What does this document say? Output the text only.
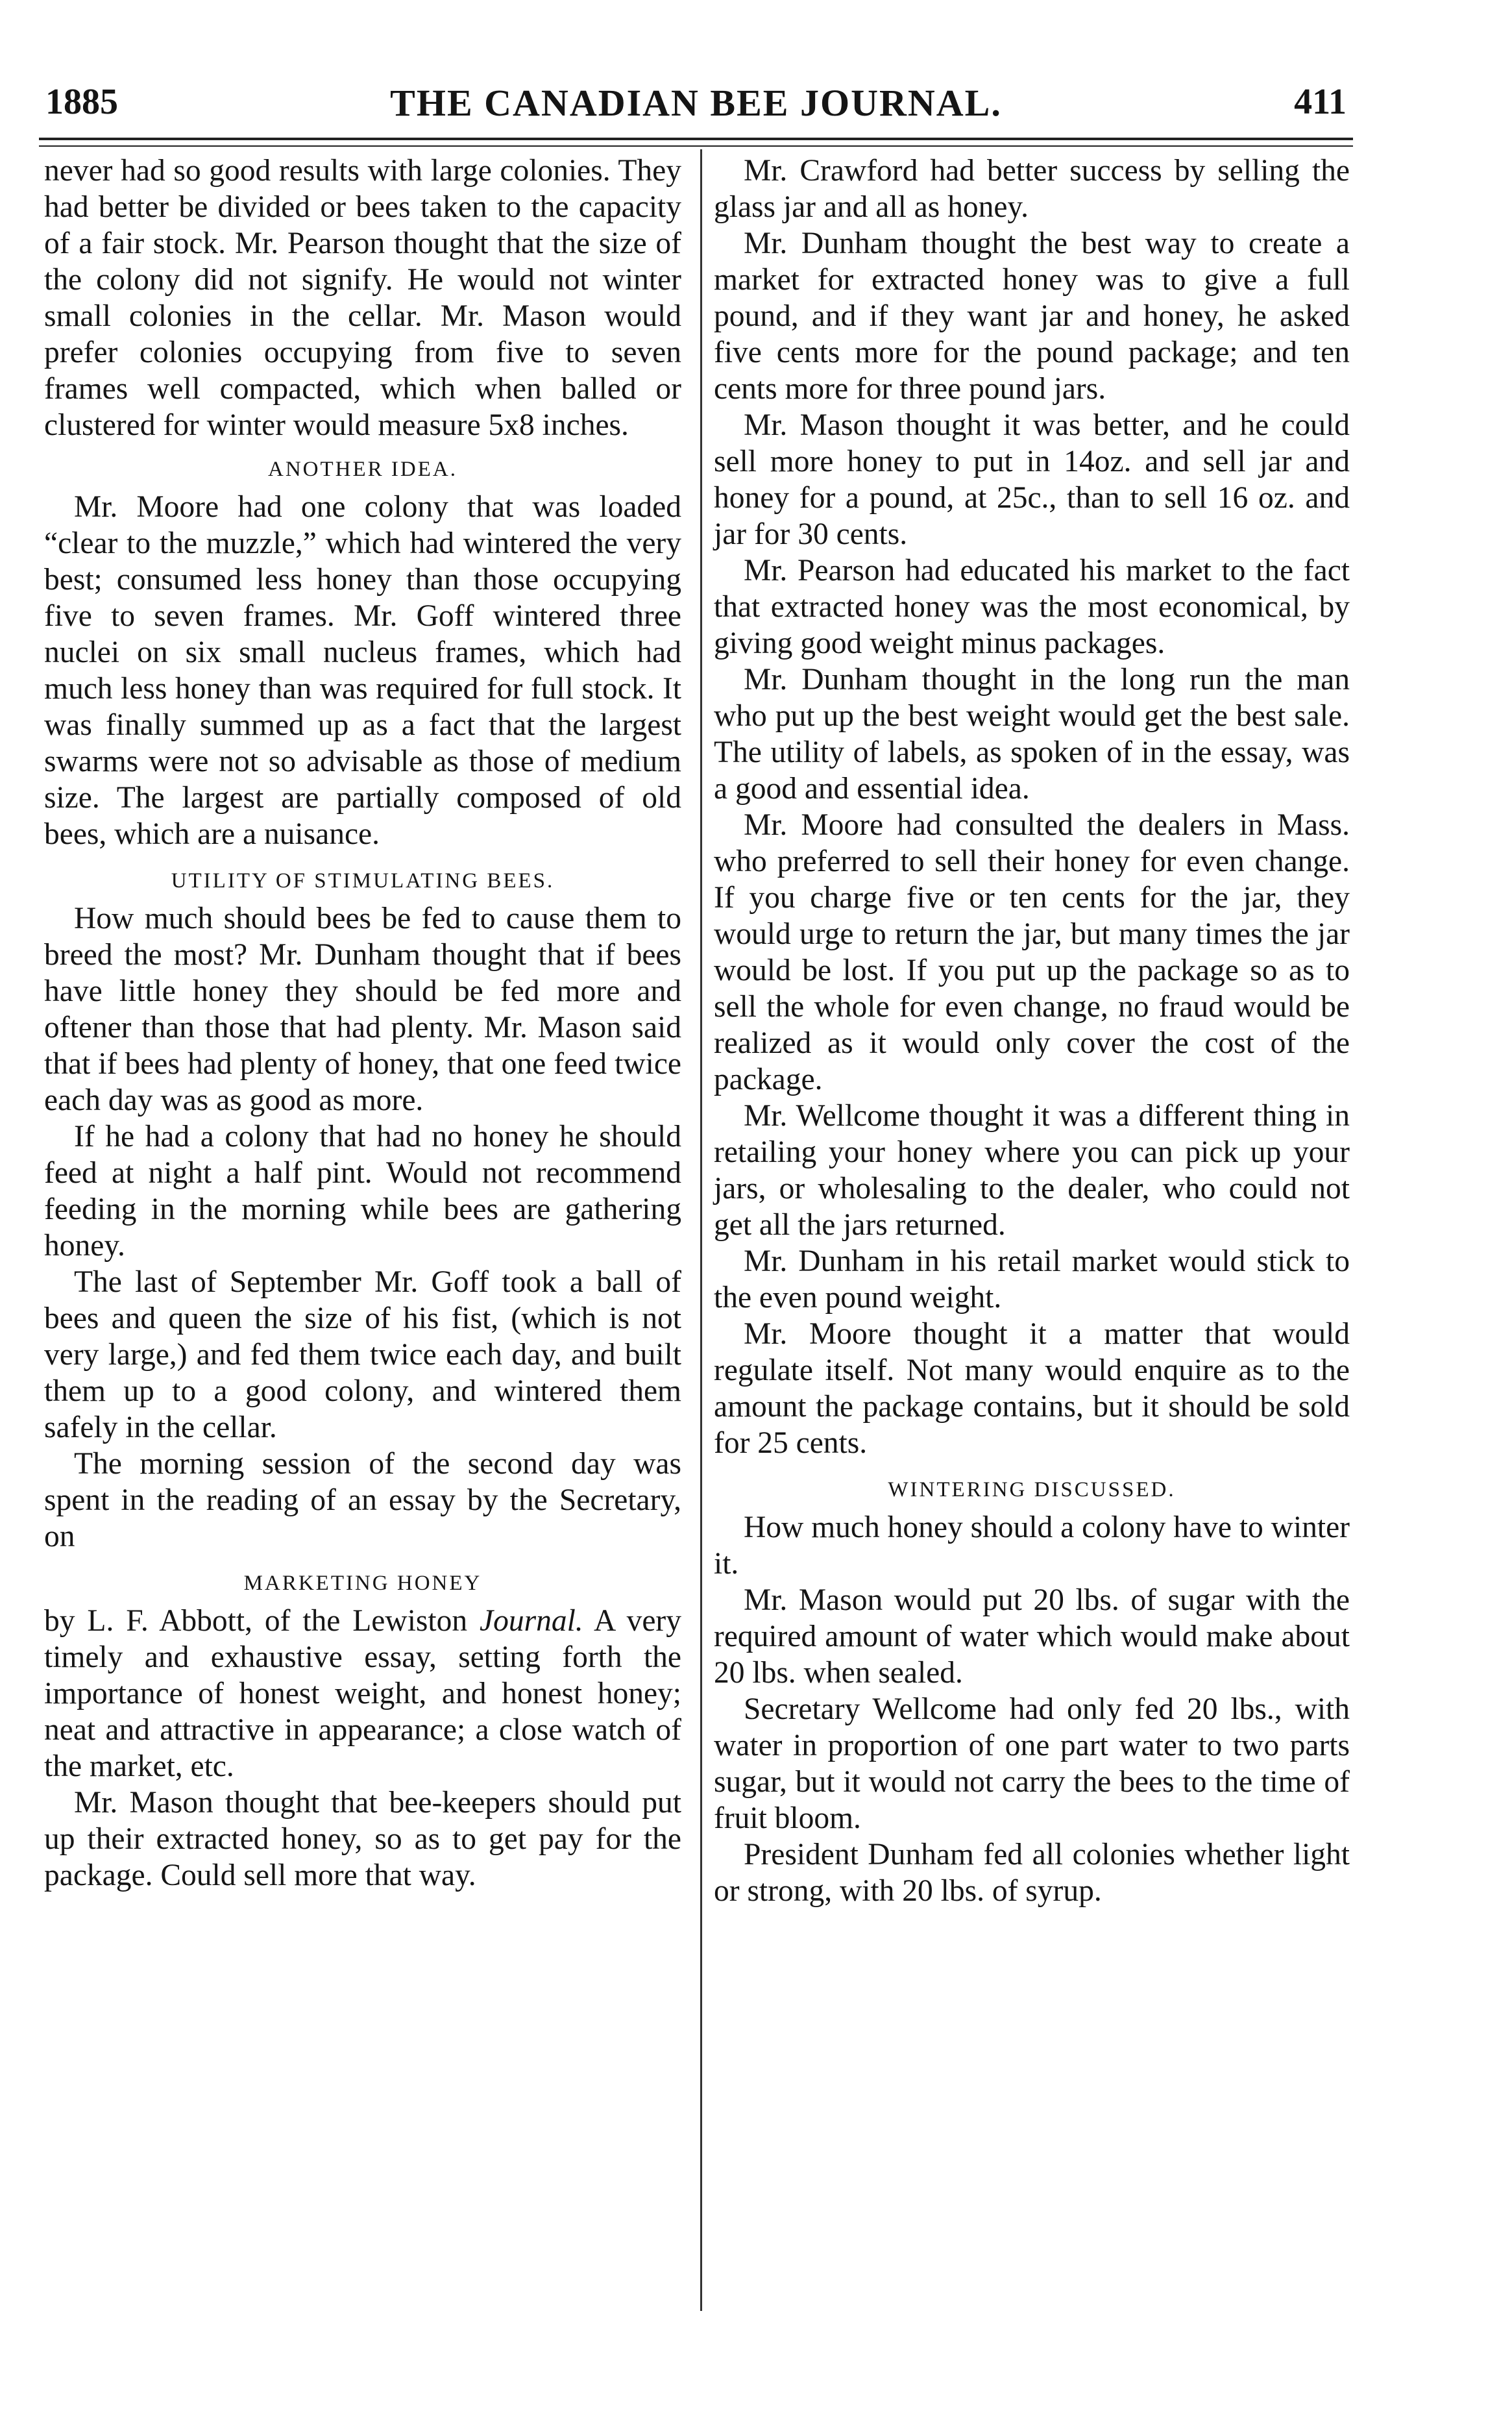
1885	THE CANADIAN BEE JOURNAL.	411

never had so good results with large colonies. They had better be divided or bees taken to the capacity of a fair stock. Mr. Pearson thought that the size of the colony did not signify. He would not winter small colonies in the cellar. Mr. Mason would prefer colonies occupying from five to seven frames well compacted, which when balled or clustered for winter would measure 5x8 inches.

ANOTHER IDEA.

Mr. Moore had one colony that was loaded “clear to the muzzle,” which had wintered the very best; consumed less honey than those occupying five to seven frames. Mr. Goff wintered three nuclei on six small nucleus frames, which had much less honey than was required for full stock. It was finally summed up as a fact that the largest swarms were not so advisable as those of medium size. The largest are partially composed of old bees, which are a nuisance.

UTILITY OF STIMULATING BEES.

How much should bees be fed to cause them to breed the most? Mr. Dunham thought that if bees have little honey they should be fed more and oftener than those that had plenty. Mr. Mason said that if bees had plenty of honey, that one feed twice each day was as good as more.

If he had a colony that had no honey he should feed at night a half pint. Would not recommend feeding in the morning while bees are gathering honey.

The last of September Mr. Goff took a ball of bees and queen the size of his fist, (which is not very large,) and fed them twice each day, and built them up to a good colony, and wintered them safely in the cellar.

The morning session of the second day was spent in the reading of an essay by the Secretary, on

MARKETING HONEY

by L. F. Abbott, of the Lewiston Journal. A very timely and exhaustive essay, setting forth the importance of honest weight, and honest honey; neat and attractive in appearance; a close watch of the market, etc.

Mr. Mason thought that bee-keepers should put up their extracted honey, so as to get pay for the package. Could sell more that way.

Mr. Crawford had better success by selling the glass jar and all as honey.

Mr. Dunham thought the best way to create a market for extracted honey was to give a full pound, and if they want jar and honey, he asked five cents more for the pound package; and ten cents more for three pound jars.

Mr. Mason thought it was better, and he could sell more honey to put in 14oz. and sell jar and honey for a pound, at 25c., than to sell 16 oz. and jar for 30 cents.

Mr. Pearson had educated his market to the fact that extracted honey was the most economical, by giving good weight minus packages.

Mr. Dunham thought in the long run the man who put up the best weight would get the best sale. The utility of labels, as spoken of in the essay, was a good and essential idea.

Mr. Moore had consulted the dealers in Mass. who preferred to sell their honey for even change. If you charge five or ten cents for the jar, they would urge to return the jar, but many times the jar would be lost. If you put up the package so as to sell the whole for even change, no fraud would be realized as it would only cover the cost of the package.

Mr. Wellcome thought it was a different thing in retailing your honey where you can pick up your jars, or wholesaling to the dealer, who could not get all the jars returned.

Mr. Dunham in his retail market would stick to the even pound weight.

Mr. Moore thought it a matter that would regulate itself. Not many would enquire as to the amount the package contains, but it should be sold for 25 cents.

WINTERING DISCUSSED.

How much honey should a colony have to winter it.

Mr. Mason would put 20 lbs. of sugar with the required amount of water which would make about 20 lbs. when sealed.

Secretary Wellcome had only fed 20 lbs., with water in proportion of one part water to two parts sugar, but it would not carry the bees to the time of fruit bloom.

President Dunham fed all colonies whether light or strong, with 20 lbs. of syrup.
